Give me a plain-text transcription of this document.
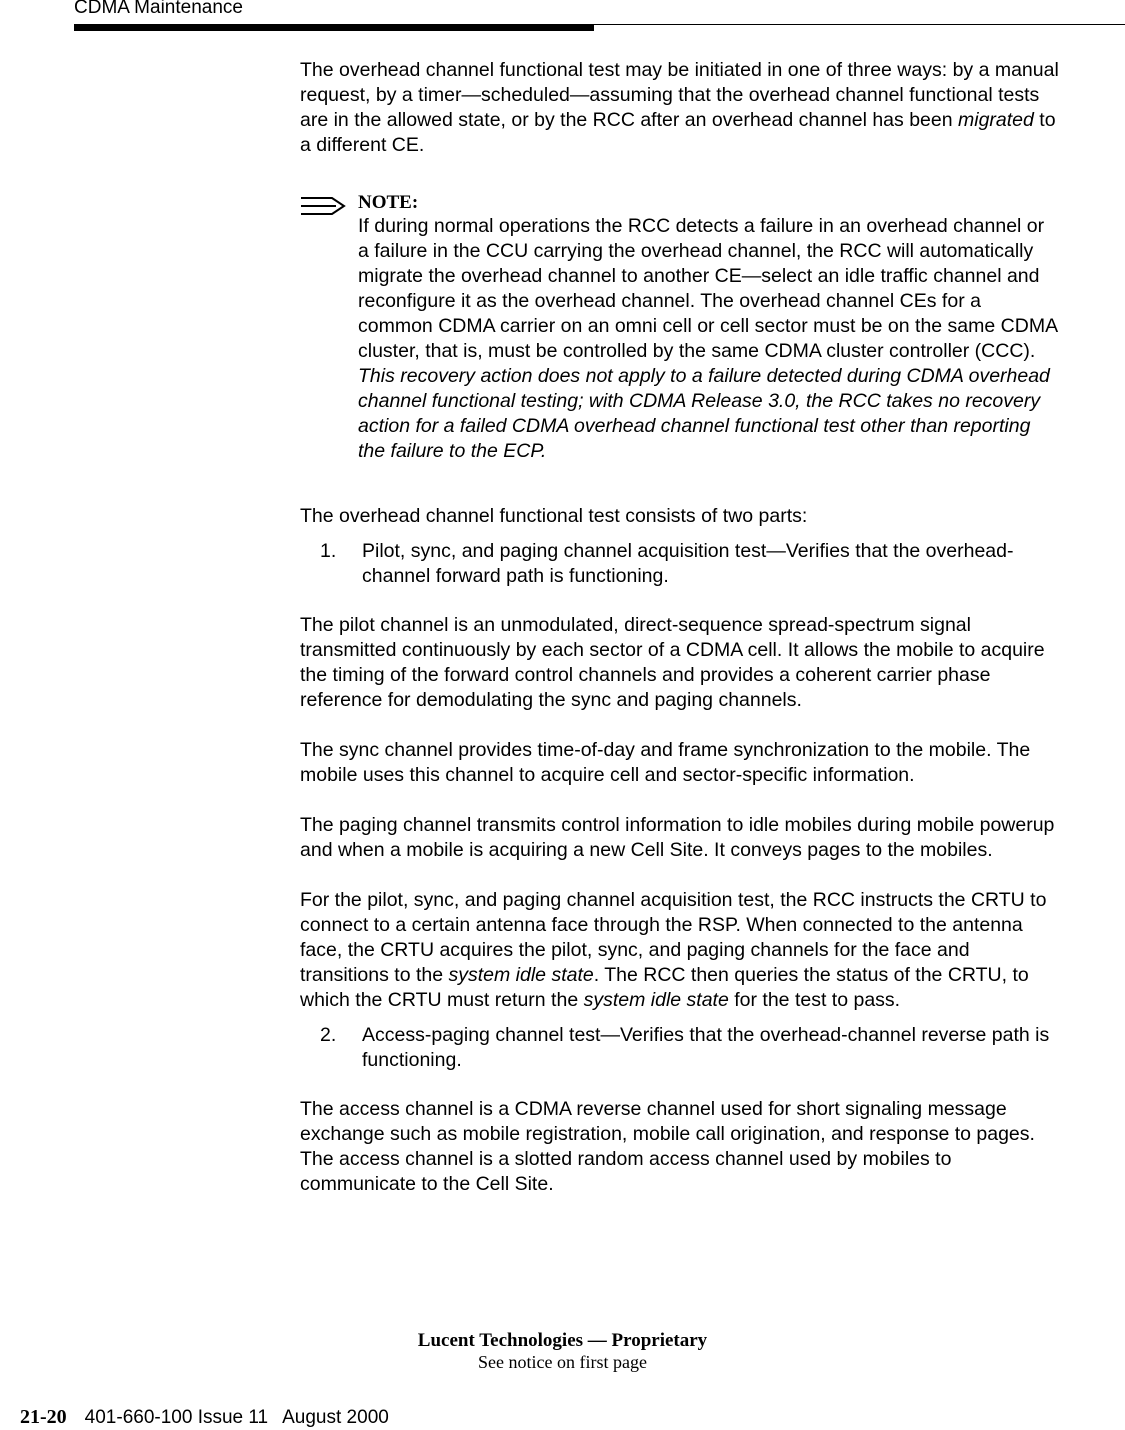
CDMA Maintenance

The overhead channel functional test may be initiated in one of three ways: by a manual request, by a timer—scheduled—assuming that the overhead channel functional tests are in the allowed state, or by the RCC after an overhead channel has been migrated to a different CE.

NOTE:

If during normal operations the RCC detects a failure in an overhead channel or a failure in the CCU carrying the overhead channel, the RCC will automatically migrate the overhead channel to another CE—select an idle traffic channel and reconfigure it as the overhead channel. The overhead channel CEs for a common CDMA carrier on an omni cell or cell sector must be on the same CDMA cluster, that is, must be controlled by the same CDMA cluster controller (CCC). This recovery action does not apply to a failure detected during CDMA overhead channel functional testing; with CDMA Release 3.0, the RCC takes no recovery action for a failed CDMA overhead channel functional test other than reporting the failure to the ECP.

The overhead channel functional test consists of two parts:

1. Pilot, sync, and paging channel acquisition test—Verifies that the overhead-channel forward path is functioning.

The pilot channel is an unmodulated, direct-sequence spread-spectrum signal transmitted continuously by each sector of a CDMA cell. It allows the mobile to acquire the timing of the forward control channels and provides a coherent carrier phase reference for demodulating the sync and paging channels.

The sync channel provides time-of-day and frame synchronization to the mobile. The mobile uses this channel to acquire cell and sector-specific information.

The paging channel transmits control information to idle mobiles during mobile powerup and when a mobile is acquiring a new Cell Site. It conveys pages to the mobiles.

For the pilot, sync, and paging channel acquisition test, the RCC instructs the CRTU to connect to a certain antenna face through the RSP. When connected to the antenna face, the CRTU acquires the pilot, sync, and paging channels for the face and transitions to the system idle state. The RCC then queries the status of the CRTU, to which the CRTU must return the system idle state for the test to pass.

2. Access-paging channel test—Verifies that the overhead-channel reverse path is functioning.

The access channel is a CDMA reverse channel used for short signaling message exchange such as mobile registration, mobile call origination, and response to pages. The access channel is a slotted random access channel used by mobiles to communicate to the Cell Site.

Lucent Technologies — Proprietary
See notice on first page
21-20 401-660-100 Issue 11 August 2000
